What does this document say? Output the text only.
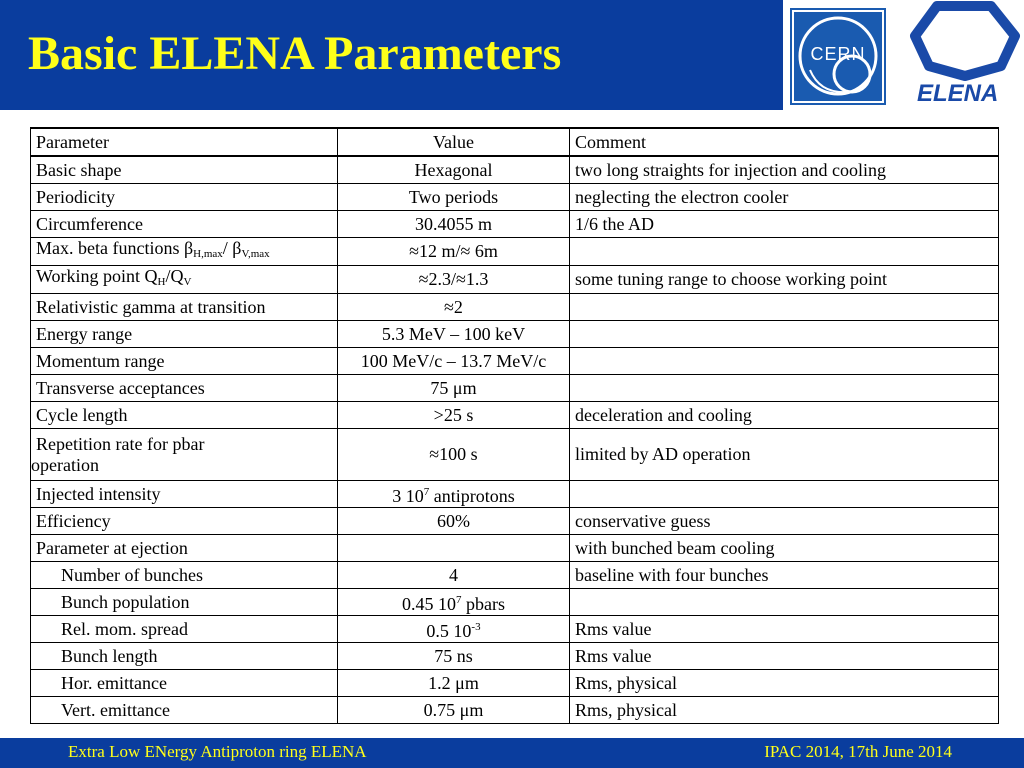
Basic ELENA Parameters	CERN
ELENA
Parameter	Value	Comment
Basic shape	Hexagonal	two long straights for injection and cooling
Periodicity	Two periods	neglecting the electron cooler
Circumference	30.4055 m	1/6 the AD
Max. beta functions $\beta_{H,max}/$ $\beta_{V,max}$	≈12 m/≈ 6m	
Working point $Q_H/Q_V$	≈2.3/≈1.3	some tuning range to choose working point
Relativistic gamma at transition	≈2	
Energy range	5.3 MeV – 100 keV	
Momentum range	100 MeV/c – 13.7 MeV/c	
Transverse acceptances	75 μm	
Cycle length	>25 s	deceleration and cooling
Repetition rate for pbar
operation	≈100 s	limited by AD operation
Injected intensity	3 $10^7$ antiprotons	
Efficiency	60%	conservative guess
Parameter at ejection		with bunched beam cooling
Number of bunches	4	baseline with four bunches
Bunch population	0.45 $10^7$ pbars	
Rel. mom. spread	0.5 $10^{-3}$	Rms value
Bunch length	75 ns	Rms value
Hor. emittance	1.2 μm	Rms, physical
Vert. emittance	0.75 μm	Rms, physical
Extra Low ENergy Antiproton ring ELENA	IPAC 2014, 17th June 2014
